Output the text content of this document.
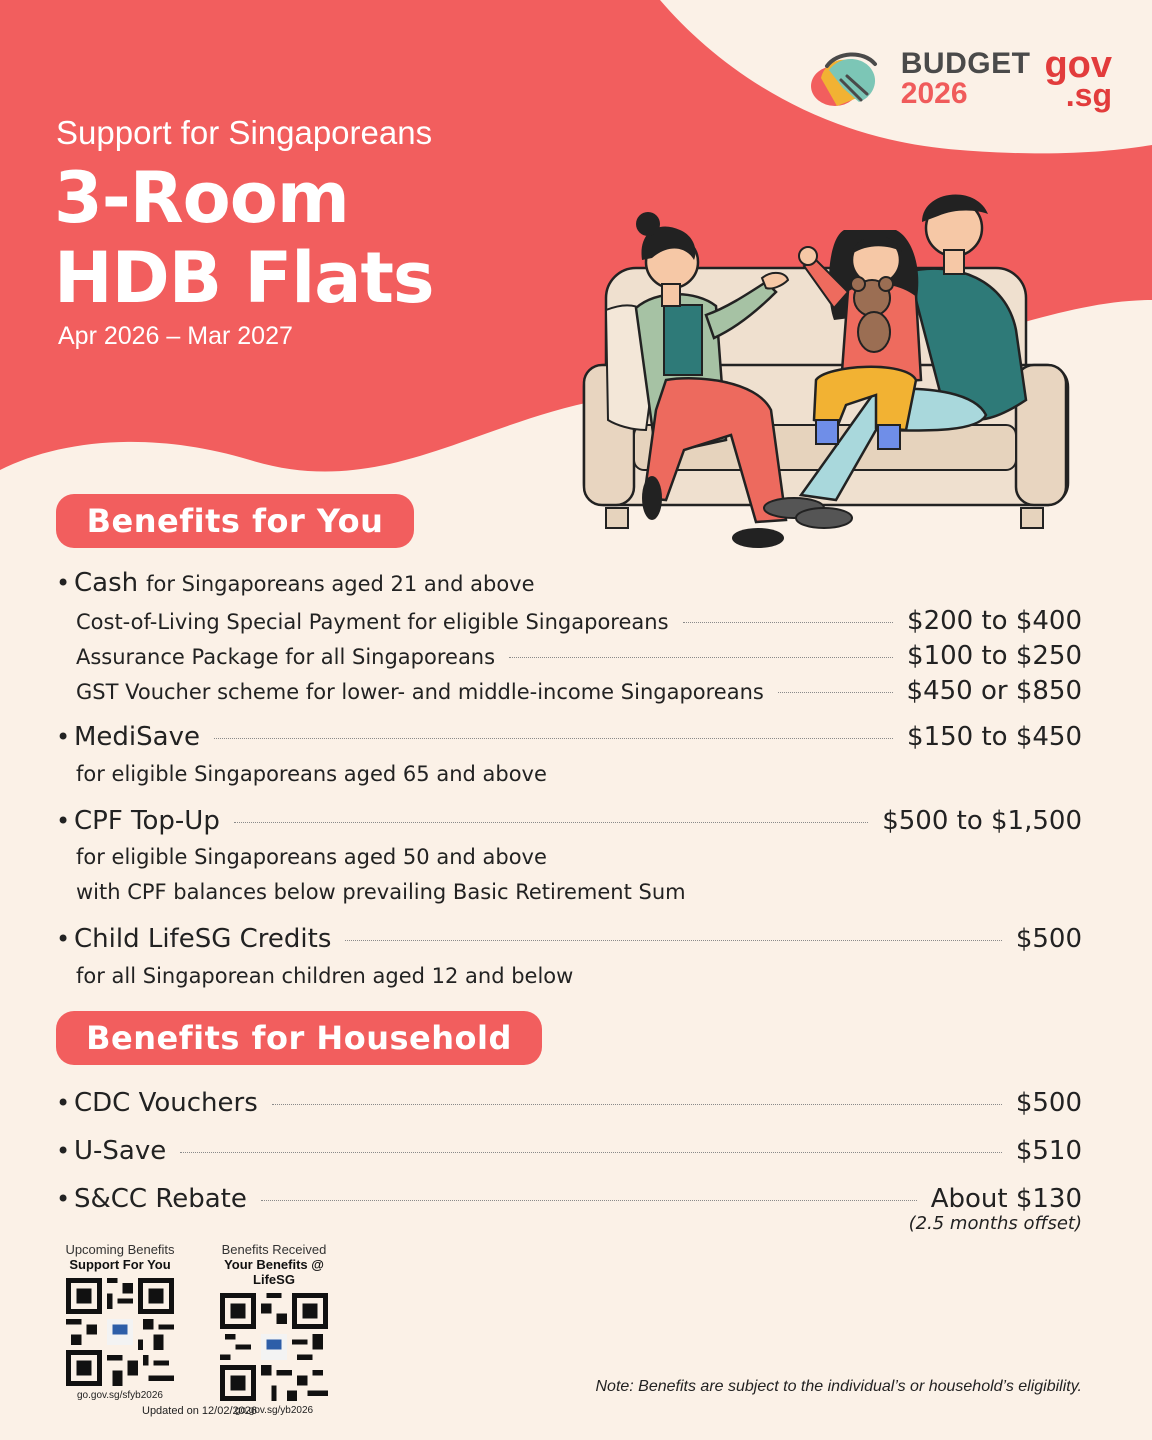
BUDGET
2026
gov
.sg
Support for Singaporeans
3-Room
HDB Flats
Apr 2026 – Mar 2027
Benefits for You
• Cash for Singaporeans aged 21 and above
Cost-of-Living Special Payment for eligible Singaporeans	$200 to $400
Assurance Package for all Singaporeans	$100 to $250
GST Voucher scheme for lower- and middle-income Singaporeans	$450 or $850
• MediSave	$150 to $450
for eligible Singaporeans aged 65 and above
• CPF Top-Up	$500 to $1,500
for eligible Singaporeans aged 50 and above
with CPF balances below prevailing Basic Retirement Sum
• Child LifeSG Credits	$500
for all Singaporean children aged 12 and below
Benefits for Household
• CDC Vouchers	$500
• U-Save	$510
• S&CC Rebate	About $130
(2.5 months offset)
Upcoming Benefits
Support For You
go.gov.sg/sfyb2026
Benefits Received
Your Benefits @ LifeSG
go.gov.sg/yb2026
Updated on 12/02/2026
Note: Benefits are subject to the individual’s or household’s eligibility.
